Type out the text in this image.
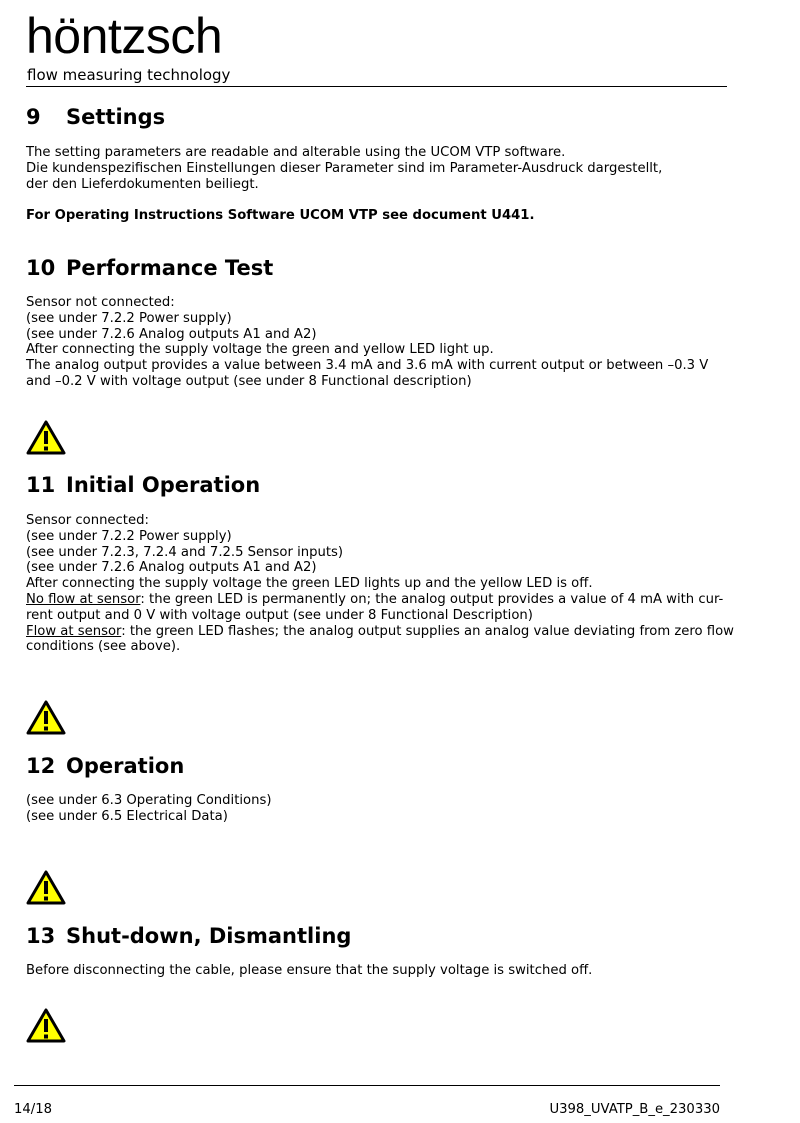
höntzsch
flow measuring technology
9 Settings
The setting parameters are readable and alterable using the UCOM VTP software.
Die kundenspezifischen Einstellungen dieser Parameter sind im Parameter-Ausdruck dargestellt,
der den Lieferdokumenten beiliegt.
For Operating Instructions Software UCOM VTP see document U441.
10 Performance Test
Sensor not connected:
(see under 7.2.2 Power supply)
(see under 7.2.6 Analog outputs A1 and A2)
After connecting the supply voltage the green and yellow LED light up.
The analog output provides a value between 3.4 mA and 3.6 mA with current output or between –0.3 V
and –0.2 V with voltage output (see under 8 Functional description)
11 Initial Operation
Sensor connected:
(see under 7.2.2 Power supply)
(see under 7.2.3, 7.2.4 and 7.2.5 Sensor inputs)
(see under 7.2.6 Analog outputs A1 and A2)
After connecting the supply voltage the green LED lights up and the yellow LED is off.
No flow at sensor: the green LED is permanently on; the analog output provides a value of 4 mA with cur-
rent output and 0 V with voltage output (see under 8 Functional Description)
Flow at sensor: the green LED flashes; the analog output supplies an analog value deviating from zero flow
conditions (see above).
12 Operation
(see under 6.3 Operating Conditions)
(see under 6.5 Electrical Data)
13 Shut-down, Dismantling
Before disconnecting the cable, please ensure that the supply voltage is switched off.
14/18	U398_UVATP_B_e_230330
